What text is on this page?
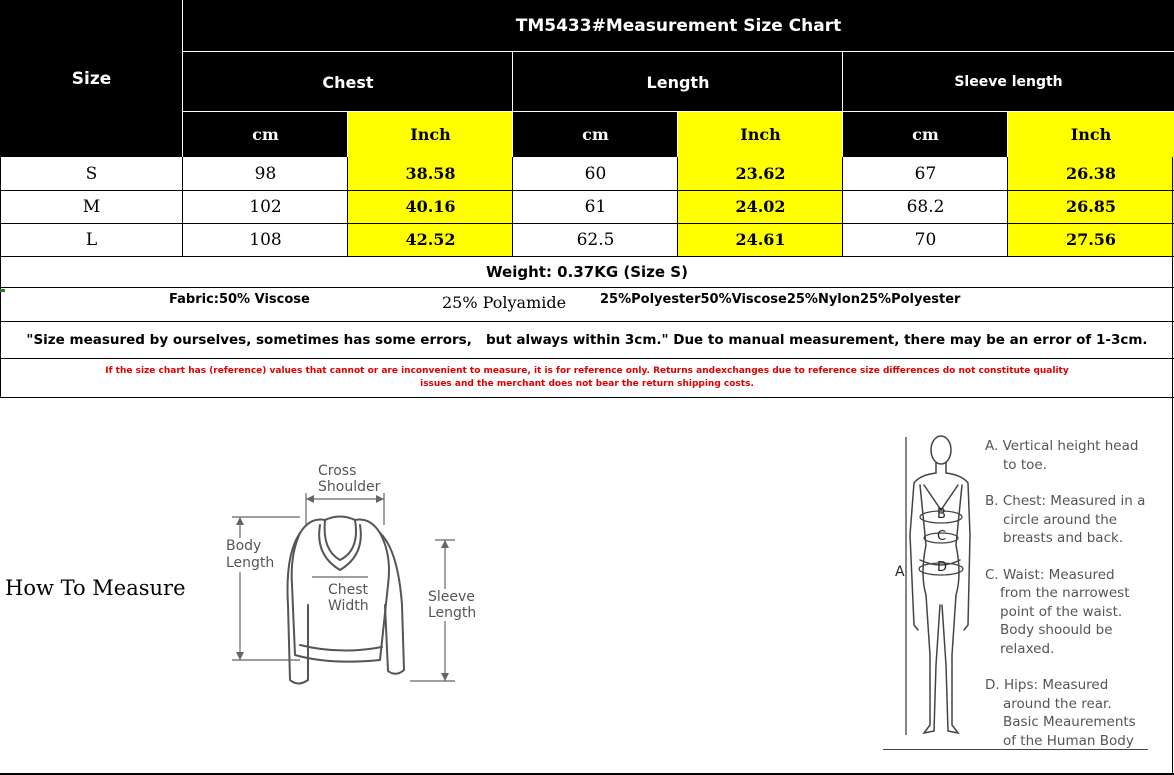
Size
TM5433#Measurement Size Chart
Chest	Length	Sleeve length
cm	Inch	cm	Inch	cm	Inch
S	98	38.58	60	23.62	67	26.38
M	102	40.16	61	24.02	68.2	26.85
L	108	42.52	62.5	24.61	70	27.56
Weight: 0.37KG (Size S)
Fabric:50% Viscose	25% Polyamide	25%Polyester50%Viscose25%Nylon25%Polyester
"Size measured by ourselves, sometimes has some errors,   but always within 3cm." Due to manual measurement, there may be an error of 1-3cm.
If the size chart has (reference) values that cannot or are inconvenient to measure, it is for reference only. Returns andexchanges due to reference size differences do not constitute quality
issues and the merchant does not bear the return shipping costs.
How To Measure
Cross
Shoulder
Body
Length
Chest
Width
Sleeve
Length
A
B
C
D
A. Vertical height head
to toe.
B. Chest: Measured in a
circle around the
breasts and back.
C. Waist: Measured
from the narrowest
point of the waist.
Body shoould be
relaxed.
D. Hips: Measured
around the rear.
Basic Meaurements
of the Human Body
